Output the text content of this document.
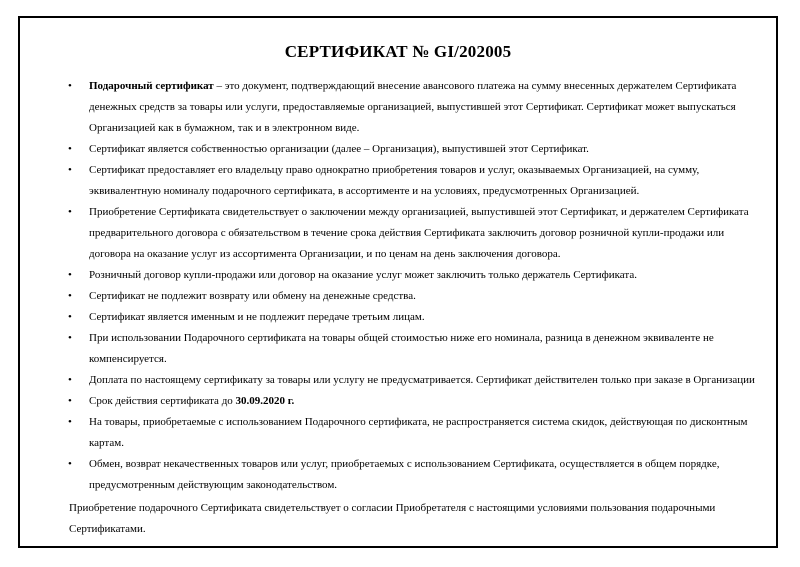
СЕРТИФИКАТ № GI/202005
• Подарочный сертификат – это документ, подтверждающий внесение авансового платежа на сумму внесенных держателем Сертификата денежных средств за товары или услуги, предоставляемые организацией, выпустившей этот Сертификат. Сертификат может выпускаться Организацией как в бумажном, так и в электронном виде.
• Сертификат является собственностью организации (далее – Организация), выпустившей этот Сертификат.
• Сертификат предоставляет его владельцу право однократно приобретения товаров и услуг, оказываемых Организацией, на сумму, эквивалентную номиналу подарочного сертификата, в ассортименте и на условиях, предусмотренных Организацией.
• Приобретение Сертификата свидетельствует о заключении между организацией, выпустившей этот Сертификат, и держателем Сертификата предварительного договора с обязательством в течение срока действия Сертификата заключить договор розничной купли-продажи или договора на оказание услуг из ассортимента Организации, и по ценам на день заключения договора.
• Розничный договор купли-продажи или договор на оказание услуг может заключить только держатель Сертификата.
• Сертификат не подлежит возврату или обмену на денежные средства.
• Сертификат является именным и не подлежит передаче третьим лицам.
• При использовании Подарочного сертификата на товары общей стоимостью ниже его номинала, разница в денежном эквиваленте не компенсируется.
• Доплата по настоящему сертификату за товары или услугу не предусматривается. Сертификат действителен только при заказе в Организации
• Срок действия сертификата до 30.09.2020 г.
• На товары, приобретаемые с использованием Подарочного сертификата, не распространяется система скидок, действующая по дисконтным картам.
• Обмен, возврат некачественных товаров или услуг, приобретаемых с использованием Сертификата, осуществляется в общем порядке, предусмотренным действующим законодательством.
Приобретение подарочного Сертификата свидетельствует о согласии Приобретателя с настоящими условиями пользования подарочными Сертификатами.
